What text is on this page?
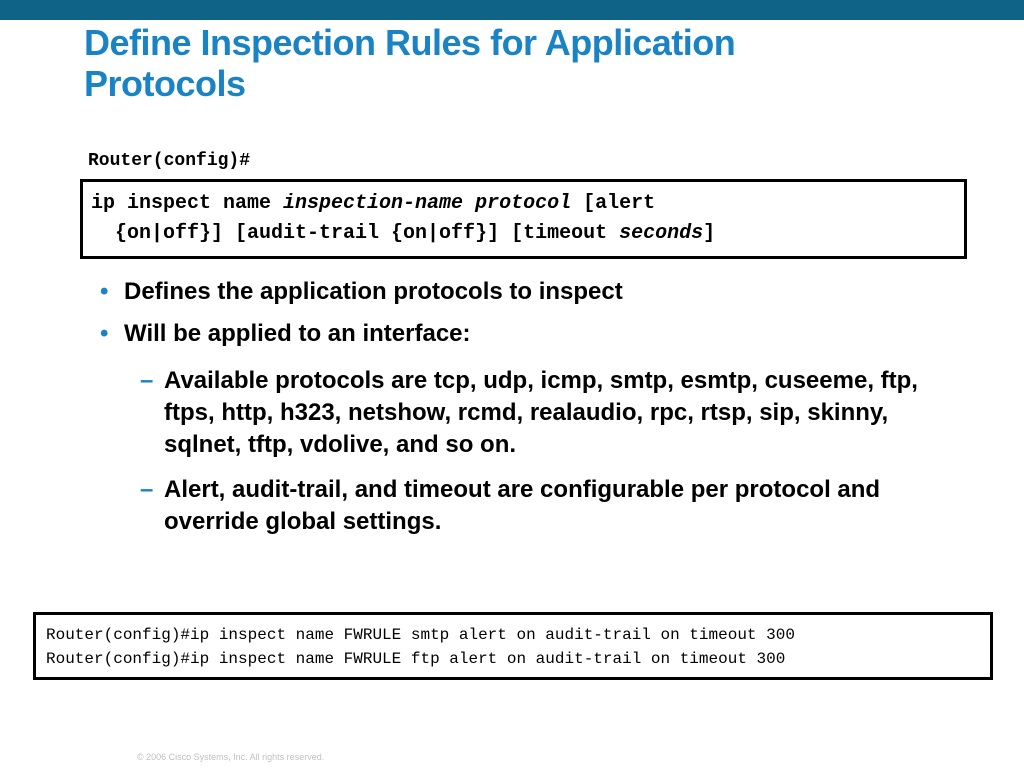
Define Inspection Rules for Application
Protocols
Router(config)#
ip inspect name inspection-name protocol [alert
{on|off}] [audit-trail {on|off}] [timeout seconds]
• Defines the application protocols to inspect
• Will be applied to an interface:
– Available protocols are tcp, udp, icmp, smtp, esmtp, cuseeme, ftp, ftps, http, h323, netshow, rcmd, realaudio, rpc, rtsp, sip, skinny, sqlnet, tftp, vdolive, and so on.
– Alert, audit-trail, and timeout are configurable per protocol and override global settings.
Router(config)#ip inspect name FWRULE smtp alert on audit-trail on timeout 300
Router(config)#ip inspect name FWRULE ftp alert on audit-trail on timeout 300
© 2006 Cisco Systems, Inc. All rights reserved.
